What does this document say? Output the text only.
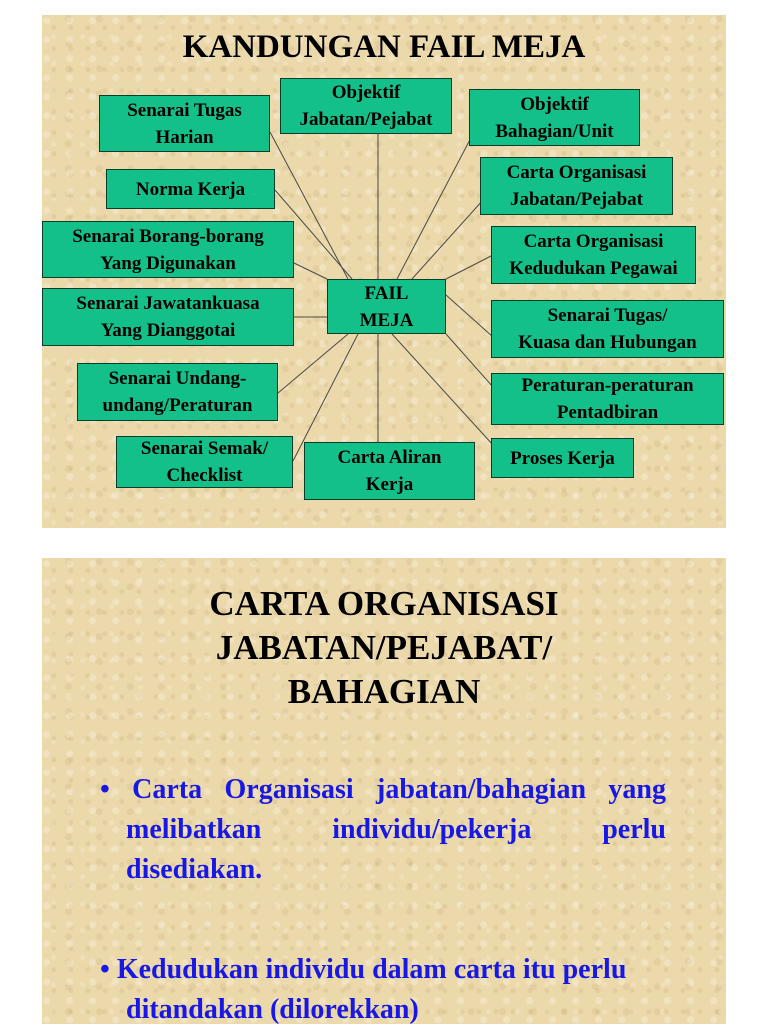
KANDUNGAN FAIL MEJA
FAIL
MEJA
Senarai Tugas
Harian
Objektif
Jabatan/Pejabat
Objektif
Bahagian/Unit
Norma Kerja
Carta Organisasi
Jabatan/Pejabat
Senarai Borang-borang
Yang Digunakan
Carta Organisasi
Kedudukan Pegawai
Senarai Jawatankuasa
Yang Dianggotai
Senarai Tugas/
Kuasa dan Hubungan
Senarai Undang-
undang/Peraturan
Peraturan-peraturan
Pentadbiran
Senarai Semak/
Checklist
Carta Aliran
Kerja
Proses Kerja
CARTA ORGANISASI
JABATAN/PEJABAT/
BAHAGIAN

• Carta Organisasi jabatan/bahagian yang melibatkan individu/pekerja perlu disediakan.

• Kedudukan individu dalam carta itu perlu ditandakan (dilorekkan)
